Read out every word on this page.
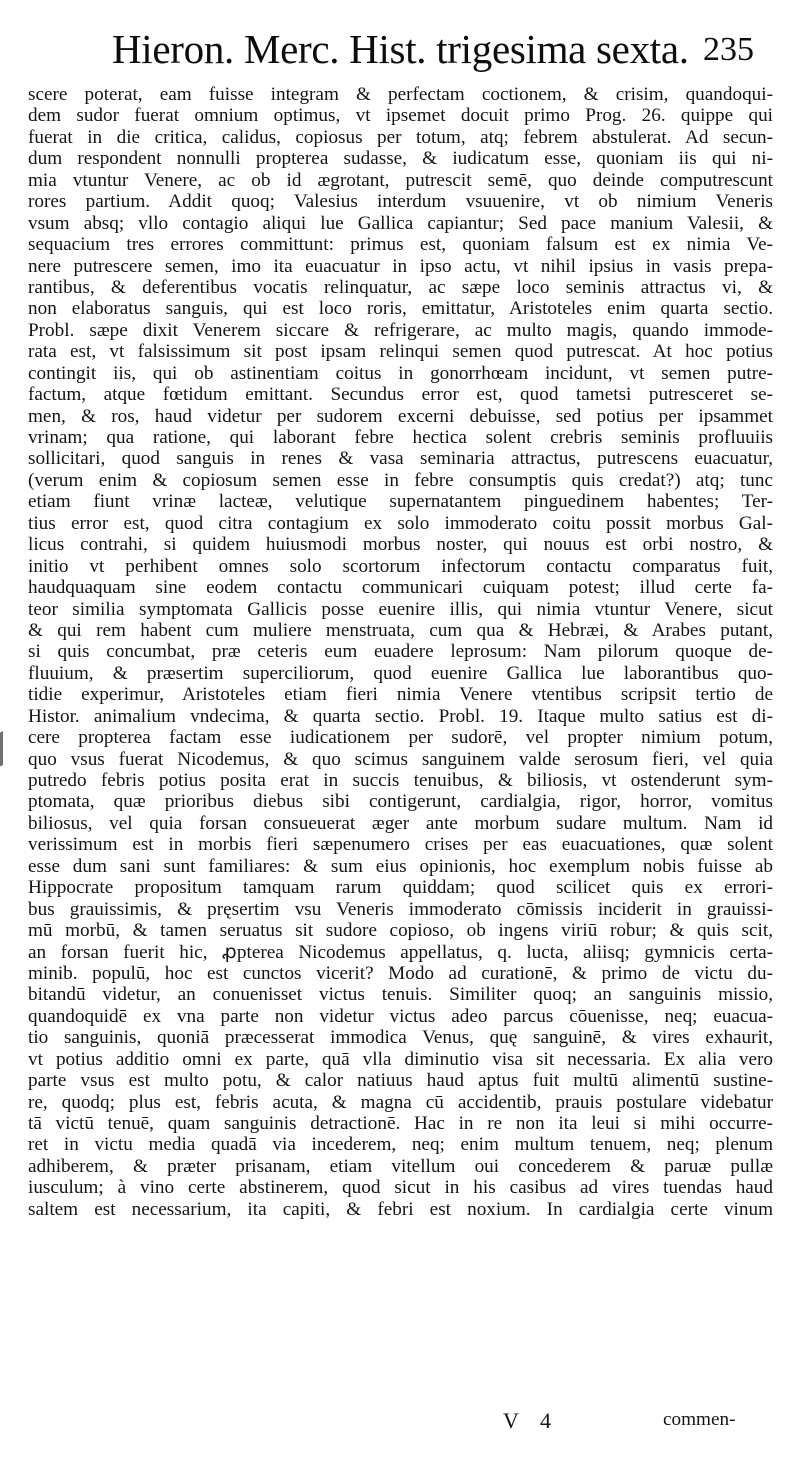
Hieron. Merc. Hist. trigesima sexta. 235
scere poterat, eam fuisse integram & perfectam coctionem, & crisim, quandoqui-
dem sudor fuerat omnium optimus, vt ipsemet docuit primo Prog. 26. quippe qui
fuerat in die critica, calidus, copiosus per totum, atq; febrem abstulerat. Ad secun-
dum respondent nonnulli propterea sudasse, & iudicatum esse, quoniam iis qui ni-
mia vtuntur Venere, ac ob id ægrotant, putrescit semē, quo deinde computrescunt
rores partium. Addit quoq; Valesius interdum vsuuenire, vt ob nimium Veneris
vsum absq; vllo contagio aliqui lue Gallica capiantur; Sed pace manium Valesii, &
sequacium tres errores committunt: primus est, quoniam falsum est ex nimia Ve-
nere putrescere semen, imo ita euacuatur in ipso actu, vt nihil ipsius in vasis prepa-
rantibus, & deferentibus vocatis relinquatur, ac sæpe loco seminis attractus vi, &
non elaboratus sanguis, qui est loco roris, emittatur, Aristoteles enim quarta sectio.
Probl. sæpe dixit Venerem siccare & refrigerare, ac multo magis, quando immode-
rata est, vt falsissimum sit post ipsam relinqui semen quod putrescat. At hoc potius
contingit iis, qui ob astinentiam coitus in gonorrhœam incidunt, vt semen putre-
factum, atque fœtidum emittant. Secundus error est, quod tametsi putresceret se-
men, & ros, haud videtur per sudorem excerni debuisse, sed potius per ipsammet
vrinam; qua ratione, qui laborant febre hectica solent crebris seminis profluuiis
sollicitari, quod sanguis in renes & vasa seminaria attractus, putrescens euacuatur,
(verum enim & copiosum semen esse in febre consumptis quis credat?) atq; tunc
etiam fiunt vrinæ lacteæ, velutique supernatantem pinguedinem habentes; Ter-
tius error est, quod citra contagium ex solo immoderato coitu possit morbus Gal-
licus contrahi, si quidem huiusmodi morbus noster, qui nouus est orbi nostro, &
initio vt perhibent omnes solo scortorum infectorum contactu comparatus fuit,
haudquaquam sine eodem contactu communicari cuiquam potest; illud certe fa-
teor similia symptomata Gallicis posse euenire illis, qui nimia vtuntur Venere, sicut
& qui rem habent cum muliere menstruata, cum qua & Hebræi, & Arabes putant,
si quis concumbat, præ ceteris eum euadere leprosum: Nam pilorum quoque de-
fluuium, & præsertim superciliorum, quod euenire Gallica lue laborantibus quo-
tidie experimur, Aristoteles etiam fieri nimia Venere vtentibus scripsit tertio de
Histor. animalium vndecima, & quarta sectio. Probl. 19. Itaque multo satius est di-
cere propterea factam esse iudicationem per sudorē, vel propter nimium potum,
quo vsus fuerat Nicodemus, & quo scimus sanguinem valde serosum fieri, vel quia
putredo febris potius posita erat in succis tenuibus, & biliosis, vt ostenderunt sym-
ptomata, quæ prioribus diebus sibi contigerunt, cardialgia, rigor, horror, vomitus
biliosus, vel quia forsan consueuerat æger ante morbum sudare multum. Nam id
verissimum est in morbis fieri sæpenumero crises per eas euacuationes, quæ solent
esse dum sani sunt familiares: & sum eius opinionis, hoc exemplum nobis fuisse ab
Hippocrate propositum tamquam rarum quiddam; quod scilicet quis ex errori-
bus grauissimis, & pręsertim vsu Veneris immoderato cōmissis inciderit in grauissi-
mū morbū, & tamen seruatus sit sudore copioso, ob ingens viriū robur; & quis scit,
an forsan fuerit hic, ꝓpterea Nicodemus appellatus, q. lucta, aliisq; gymnicis certa-
minib. populū, hoc est cunctos vicerit? Modo ad curationē, & primo de victu du-
bitandū videtur, an conuenisset victus tenuis. Similiter quoq; an sanguinis missio,
quandoquidē ex vna parte non videtur victus adeo parcus cōuenisse, neq; euacua-
tio sanguinis, quoniā præcesserat immodica Venus, quę sanguinē, & vires exhaurit,
vt potius additio omni ex parte, quā vlla diminutio visa sit necessaria. Ex alia vero
parte vsus est multo potu, & calor natiuus haud aptus fuit multū alimentū sustine-
re, quodq; plus est, febris acuta, & magna cū accidentib, prauis postulare videbatur
tā victū tenuē, quam sanguinis detractionē. Hac in re non ita leui si mihi occurre-
ret in victu media quadā via incederem, neq; enim multum tenuem, neq; plenum
adhiberem, & præter prisanam, etiam vitellum oui concederem & paruæ pullæ
iusculum; à vino certe abstinerem, quod sicut in his casibus ad vires tuendas haud
saltem est necessarium, ita capiti, & febri est noxium. In cardialgia certe vinum
V 4	commen-
